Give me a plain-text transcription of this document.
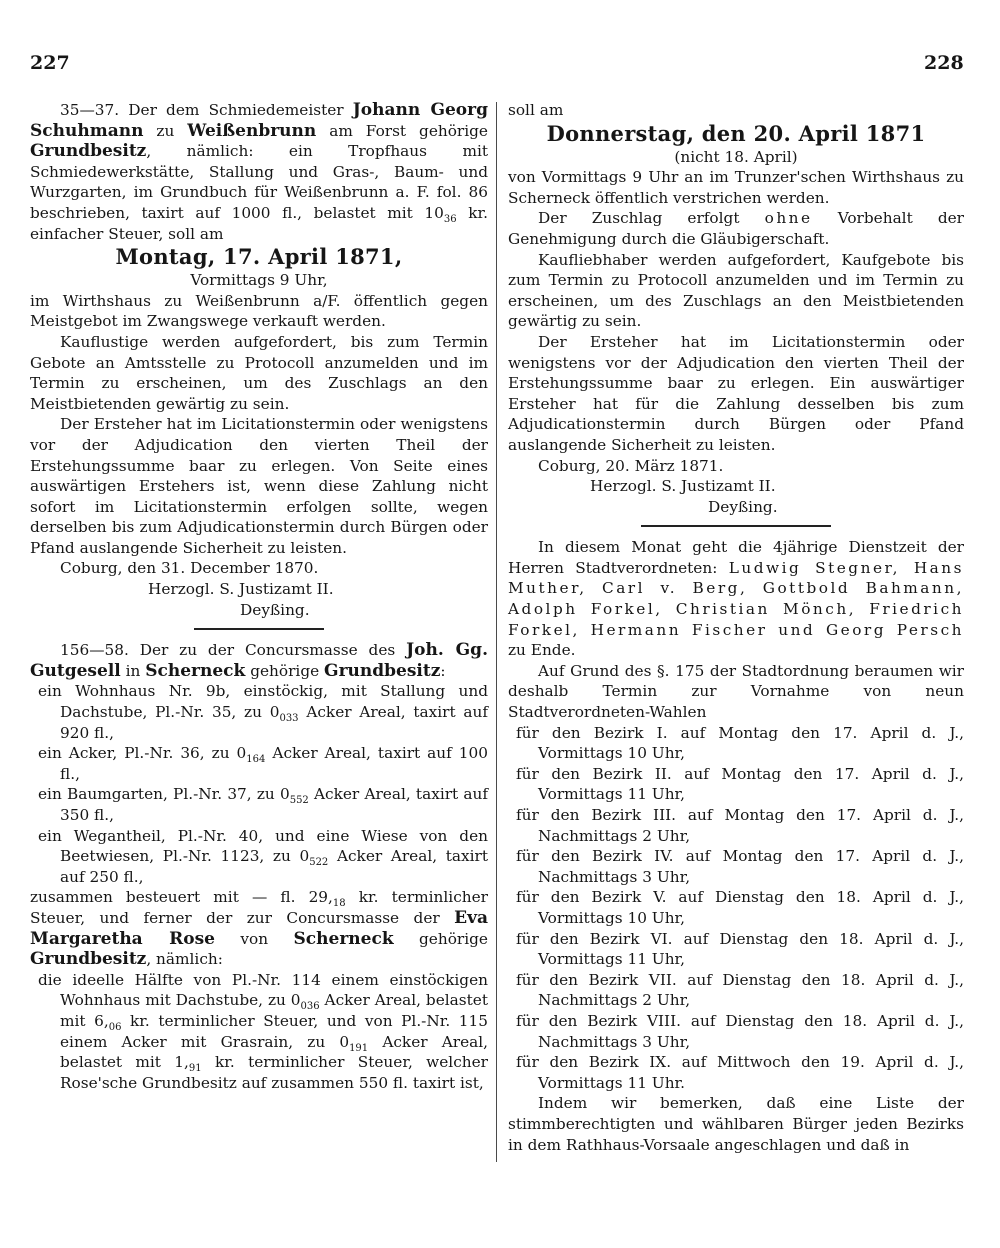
227	228

35—37. Der dem Schmiedemeister Johann Georg Schuhmann zu Weißenbrunn am Forst gehörige Grundbesitz, nämlich: ein Tropfhaus mit Schmiedewerkstätte, Stallung und Gras-, Baum- und Wurzgarten, im Grundbuch für Weißenbrunn a. F. fol. 86 beschrieben, taxirt auf 1000 fl., belastet mit $10_{36}$ kr. einfacher Steuer, soll am

Montag, 17. April 1871,

Vormittags 9 Uhr,

im Wirthshaus zu Weißenbrunn a/F. öffentlich gegen Meistgebot im Zwangswege verkauft werden.

Kauflustige werden aufgefordert, bis zum Termin Gebote an Amtsstelle zu Protocoll anzumelden und im Termin zu erscheinen, um des Zuschlags an den Meistbietenden gewärtig zu sein.

Der Ersteher hat im Licitationstermin oder wenigstens vor der Adjudication den vierten Theil der Erstehungssumme baar zu erlegen. Von Seite eines auswärtigen Erstehers ist, wenn diese Zahlung nicht sofort im Licitationstermin erfolgen sollte, wegen derselben bis zum Adjudicationstermin durch Bürgen oder Pfand auslangende Sicherheit zu leisten.

Coburg, den 31. December 1870.

Herzogl. S. Justizamt II.

Deyßing.

156—58. Der zu der Concursmasse des Joh. Gg. Gutgesell in Scherneck gehörige Grundbesitz:

ein Wohnhaus Nr. 9b, einstöckig, mit Stallung und Dachstube, Pl.-Nr. 35, zu $0_{033}$ Acker Areal, taxirt auf 920 fl.,

ein Acker, Pl.-Nr. 36, zu $0_{164}$ Acker Areal, taxirt auf 100 fl.,

ein Baumgarten, Pl.-Nr. 37, zu $0_{552}$ Acker Areal, taxirt auf 350 fl.,

ein Wegantheil, Pl.-Nr. 40, und eine Wiese von den Beetwiesen, Pl.-Nr. 1123, zu $0_{522}$ Acker Areal, taxirt auf 250 fl.,

zusammen besteuert mit — fl. $29,_{18}$ kr. terminlicher Steuer, und ferner der zur Concursmasse der Eva Margaretha Rose von Scherneck gehörige Grundbesitz, nämlich:

die ideelle Hälfte von Pl.-Nr. 114 einem einstöckigen Wohnhaus mit Dachstube, zu $0_{036}$ Acker Areal, belastet mit $6,_{06}$ kr. terminlicher Steuer, und von Pl.-Nr. 115 einem Acker mit Grasrain, zu $0_{191}$ Acker Areal, belastet mit $1,_{91}$ kr. terminlicher Steuer, welcher Rose'sche Grundbesitz auf zusammen 550 fl. taxirt ist,

soll am

Donnerstag, den 20. April 1871

(nicht 18. April)

von Vormittags 9 Uhr an im Trunzer'schen Wirthshaus zu Scherneck öffentlich verstrichen werden.

Der Zuschlag erfolgt ohne Vorbehalt der Genehmigung durch die Gläubigerschaft.

Kaufliebhaber werden aufgefordert, Kaufgebote bis zum Termin zu Protocoll anzumelden und im Termin zu erscheinen, um des Zuschlags an den Meistbietenden gewärtig zu sein.

Der Ersteher hat im Licitationstermin oder wenigstens vor der Adjudication den vierten Theil der Erstehungssumme baar zu erlegen. Ein auswärtiger Ersteher hat für die Zahlung desselben bis zum Adjudicationstermin durch Bürgen oder Pfand auslangende Sicherheit zu leisten.

Coburg, 20. März 1871.

Herzogl. S. Justizamt II.

Deyßing.

In diesem Monat geht die 4jährige Dienstzeit der Herren Stadtverordneten: Ludwig Stegner, Hans Muther, Carl v. Berg, Gottbold Bahmann, Adolph Forkel, Christian Mönch, Friedrich Forkel, Hermann Fischer und Georg Persch zu Ende.

Auf Grund des §. 175 der Stadtordnung beraumen wir deshalb Termin zur Vornahme von neun Stadtverordneten-Wahlen

für den Bezirk I. auf Montag den 17. April d. J., Vormittags 10 Uhr,

für den Bezirk II. auf Montag den 17. April d. J., Vormittags 11 Uhr,

für den Bezirk III. auf Montag den 17. April d. J., Nachmittags 2 Uhr,

für den Bezirk IV. auf Montag den 17. April d. J., Nachmittags 3 Uhr,

für den Bezirk V. auf Dienstag den 18. April d. J., Vormittags 10 Uhr,

für den Bezirk VI. auf Dienstag den 18. April d. J., Vormittags 11 Uhr,

für den Bezirk VII. auf Dienstag den 18. April d. J., Nachmittags 2 Uhr,

für den Bezirk VIII. auf Dienstag den 18. April d. J., Nachmittags 3 Uhr,

für den Bezirk IX. auf Mittwoch den 19. April d. J., Vormittags 11 Uhr.

Indem wir bemerken, daß eine Liste der stimmberechtigten und wählbaren Bürger jeden Bezirks in dem Rathhaus-Vorsaale angeschlagen und daß in
